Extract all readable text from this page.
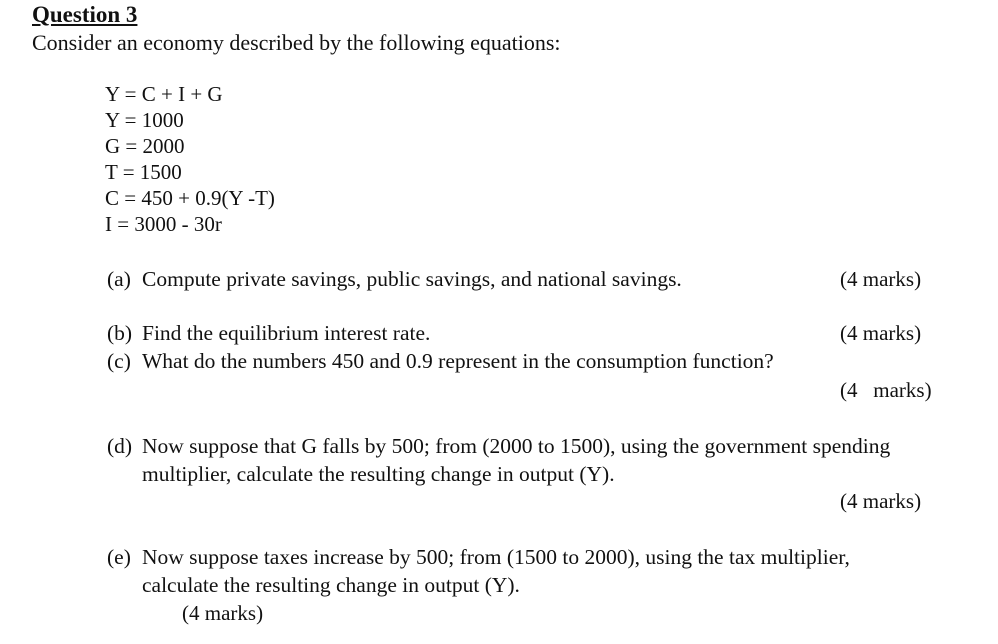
Question 3
Consider an economy described by the following equations:
Y = C + I + G
Y = 1000
G = 2000
T = 1500
C = 450 + 0.9(Y -T)
I = 3000 - 30r
(a) Compute private savings, public savings, and national savings.	(4 marks)
(b) Find the equilibrium interest rate.	(4 marks)
(c) What do the numbers 450 and 0.9 represent in the consumption function?
(4   marks)
(d) Now suppose that G falls by 500; from (2000 to 1500), using the government spending
multiplier, calculate the resulting change in output (Y).
(4 marks)
(e) Now suppose taxes increase by 500; from (1500 to 2000), using the tax multiplier,
calculate the resulting change in output (Y).
(4 marks)
